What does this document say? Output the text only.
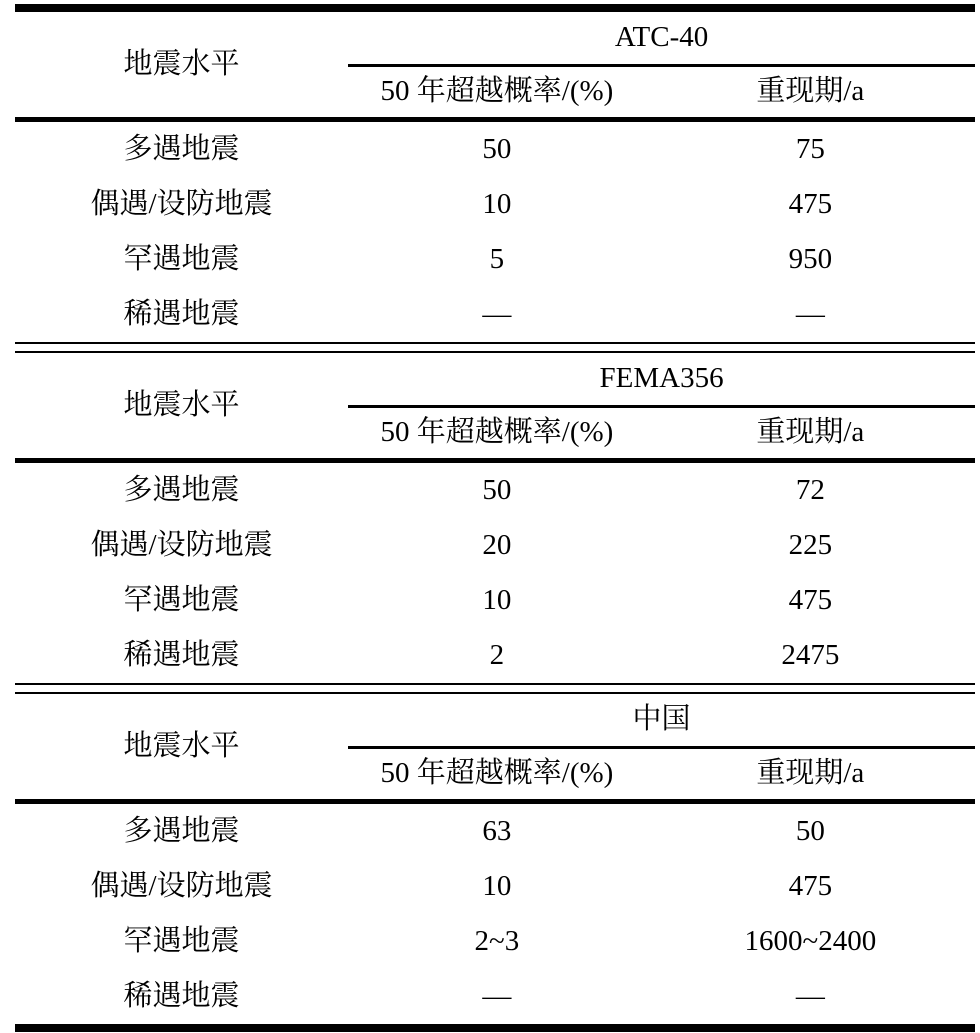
地震水平	ATC-40	
	50 年超越概率/(%)	重现期/a
多遇地震	50	75
偶遇/设防地震	10	475
罕遇地震	5	950
稀遇地震	—	—
地震水平	FEMA356	
	50 年超越概率/(%)	重现期/a
多遇地震	50	72
偶遇/设防地震	20	225
罕遇地震	10	475
稀遇地震	2	2475
地震水平	中国	
	50 年超越概率/(%)	重现期/a
多遇地震	63	50
偶遇/设防地震	10	475
罕遇地震	2~3	1600~2400
稀遇地震	—	—
